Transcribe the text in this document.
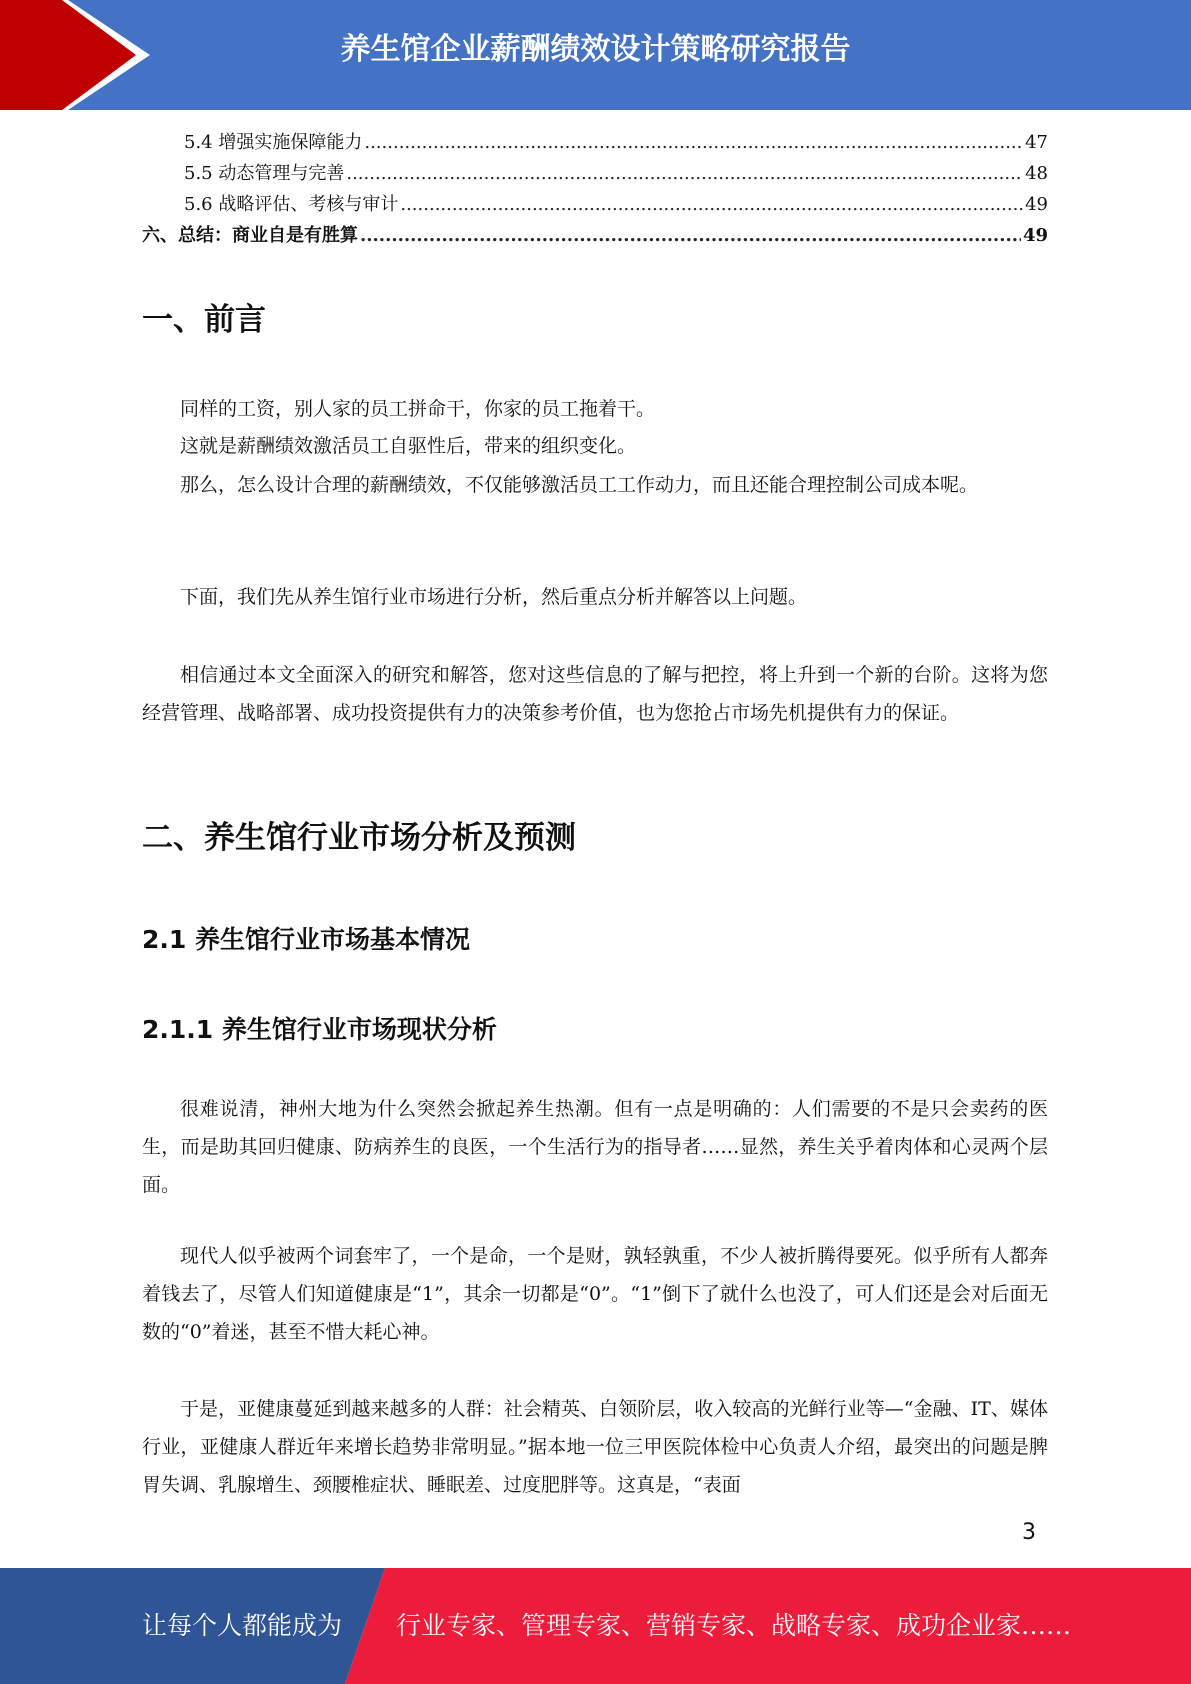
养生馆企业薪酬绩效设计策略研究报告
5.4 增强实施保障能力 .....	47
5.5 动态管理与完善 .....	48
5.6 战略评估、考核与审计 .....	49
六、总结：商业自是有胜算 .....	49
一、前言

同样的工资，别人家的员工拼命干，你家的员工拖着干。

这就是薪酬绩效激活员工自驱性后，带来的组织变化。

那么，怎么设计合理的薪酬绩效，不仅能够激活员工工作动力，而且还能合理控制公司成本呢。

下面，我们先从养生馆行业市场进行分析，然后重点分析并解答以上问题。

相信通过本文全面深入的研究和解答，您对这些信息的了解与把控，将上升到一个新的台阶。这将为您经营管理、战略部署、成功投资提供有力的决策参考价值，也为您抢占市场先机提供有力的保证。

二、养生馆行业市场分析及预测
2.1 养生馆行业市场基本情况
2.1.1 养生馆行业市场现状分析

很难说清，神州大地为什么突然会掀起养生热潮。但有一点是明确的：人们需要的不是只会卖药的医生，而是助其回归健康、防病养生的良医，一个生活行为的指导者……显然，养生关乎着肉体和心灵两个层面。

现代人似乎被两个词套牢了，一个是命，一个是财，孰轻孰重，不少人被折腾得要死。似乎所有人都奔着钱去了，尽管人们知道健康是“1”，其余一切都是“0”。“1”倒下了就什么也没了，可人们还是会对后面无数的“0”着迷，甚至不惜大耗心神。

于是，亚健康蔓延到越来越多的人群：社会精英、白领阶层，收入较高的光鲜行业等—“金融、IT、媒体行业，亚健康人群近年来增长趋势非常明显。”据本地一位三甲医院体检中心负责人介绍，最突出的问题是脾胃失调、乳腺增生、颈腰椎症状、睡眠差、过度肥胖等。这真是，“表面

3
让每个人都能成为 行业专家、管理专家、营销专家、战略专家、成功企业家……
